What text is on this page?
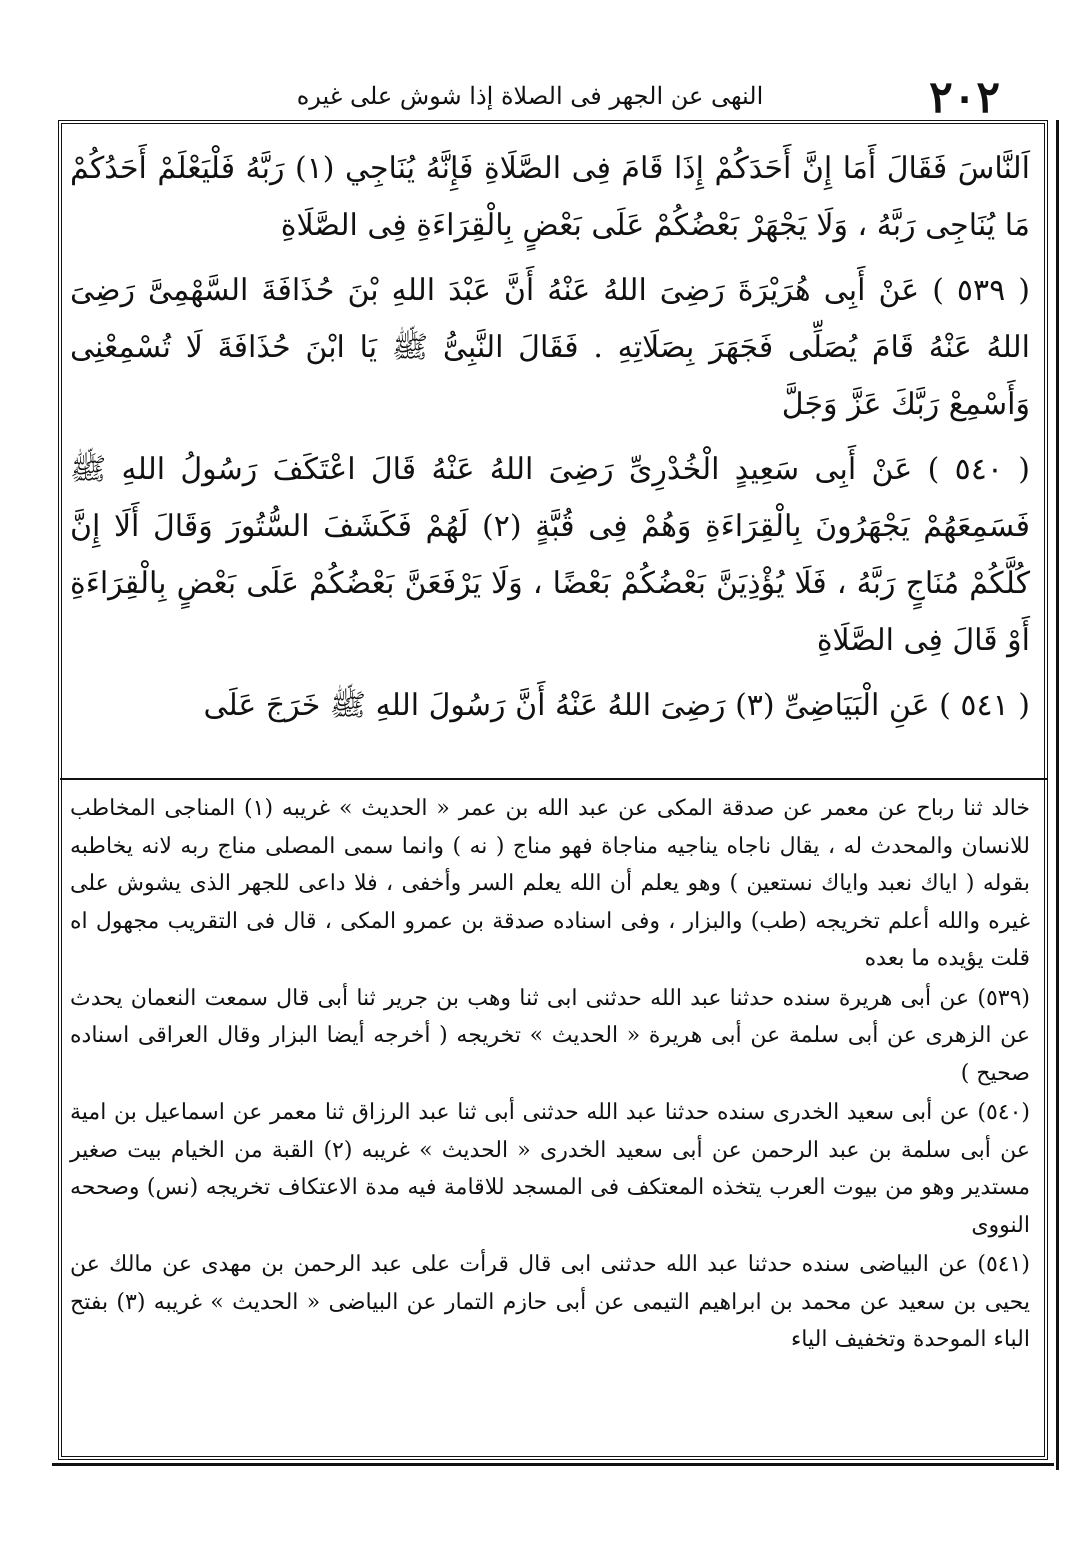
النهى عن الجهر فى الصلاة إذا شوش على غيره	٢٠٢

اَلنَّاسَ فَقَالَ أَمَا إِنَّ أَحَدَكُمْ إِذَا قَامَ فِى الصَّلَاةِ فَإِنَّهُ يُنَاجِي (١) رَبَّهُ فَلْيَعْلَمْ أَحَدُكُمْ مَا يُنَاجِى رَبَّهُ ، وَلَا يَجْهَرْ بَعْضُكُمْ عَلَى بَعْضٍ بِالْقِرَاءَةِ فِى الصَّلَاةِ

( ٥٣٩ ) عَنْ أَبِى هُرَيْرَةَ رَضِىَ اللهُ عَنْهُ أَنَّ عَبْدَ اللهِ بْنَ حُذَافَةَ السَّهْمِىَّ رَضِىَ اللهُ عَنْهُ قَامَ يُصَلِّى فَجَهَرَ بِصَلَاتِهِ . فَقَالَ النَّبِىُّ ﷺ يَا ابْنَ حُذَافَةَ لَا تُسْمِعْنِى وَأَسْمِعْ رَبَّكَ عَزَّ وَجَلَّ

( ٥٤٠ ) عَنْ أَبِى سَعِيدٍ الْخُدْرِىِّ رَضِىَ اللهُ عَنْهُ قَالَ اعْتَكَفَ رَسُولُ اللهِ ﷺ فَسَمِعَهُمْ يَجْهَرُونَ بِالْقِرَاءَةِ وَهُمْ فِى قُبَّةٍ (٢) لَهُمْ فَكَشَفَ السُّتُورَ وَقَالَ أَلَا إِنَّ كُلَّكُمْ مُنَاجٍ رَبَّهُ ، فَلَا يُؤْذِيَنَّ بَعْضُكُمْ بَعْضًا ، وَلَا يَرْفَعَنَّ بَعْضُكُمْ عَلَى بَعْضٍ بِالْقِرَاءَةِ أَوْ قَالَ فِى الصَّلَاةِ

( ٥٤١ ) عَنِ الْبَيَاضِىِّ (٣) رَضِىَ اللهُ عَنْهُ أَنَّ رَسُولَ اللهِ ﷺ خَرَجَ عَلَى

خالد ثنا رباح عن معمر عن صدقة المكى عن عبد الله بن عمر « الحديث » غريبه (١) المناجى المخاطب للانسان والمحدث له ، يقال ناجاه يناجيه مناجاة فهو مناج ( نه ) وانما سمى المصلى مناج ربه لانه يخاطبه بقوله ( اياك نعبد واياك نستعين ) وهو يعلم أن الله يعلم السر وأخفى ، فلا داعى للجهر الذى يشوش على غيره والله أعلم تخريجه (طب) والبزار ، وفى اسناده صدقة بن عمرو المكى ، قال فى التقريب مجهول اه قلت يؤيده ما بعده

(٥٣٩) عن أبى هريرة سنده حدثنا عبد الله حدثنى ابى ثنا وهب بن جرير ثنا أبى قال سمعت النعمان يحدث عن الزهرى عن أبى سلمة عن أبى هريرة « الحديث » تخريجه ( أخرجه أيضا البزار وقال العراقى اسناده صحيح )

(٥٤٠) عن أبى سعيد الخدرى سنده حدثنا عبد الله حدثنى أبى ثنا عبد الرزاق ثنا معمر عن اسماعيل بن امية عن أبى سلمة بن عبد الرحمن عن أبى سعيد الخدرى « الحديث » غريبه (٢) القبة من الخيام بيت صغير مستدير وهو من بيوت العرب يتخذه المعتكف فى المسجد للاقامة فيه مدة الاعتكاف تخريجه (نس) وصححه النووى

(٥٤١) عن البياضى سنده حدثنا عبد الله حدثنى ابى قال قرأت على عبد الرحمن بن مهدى عن مالك عن يحيى بن سعيد عن محمد بن ابراهيم التيمى عن أبى حازم التمار عن البياضى « الحديث » غريبه (٣) بفتح الباء الموحدة وتخفيف الياء
